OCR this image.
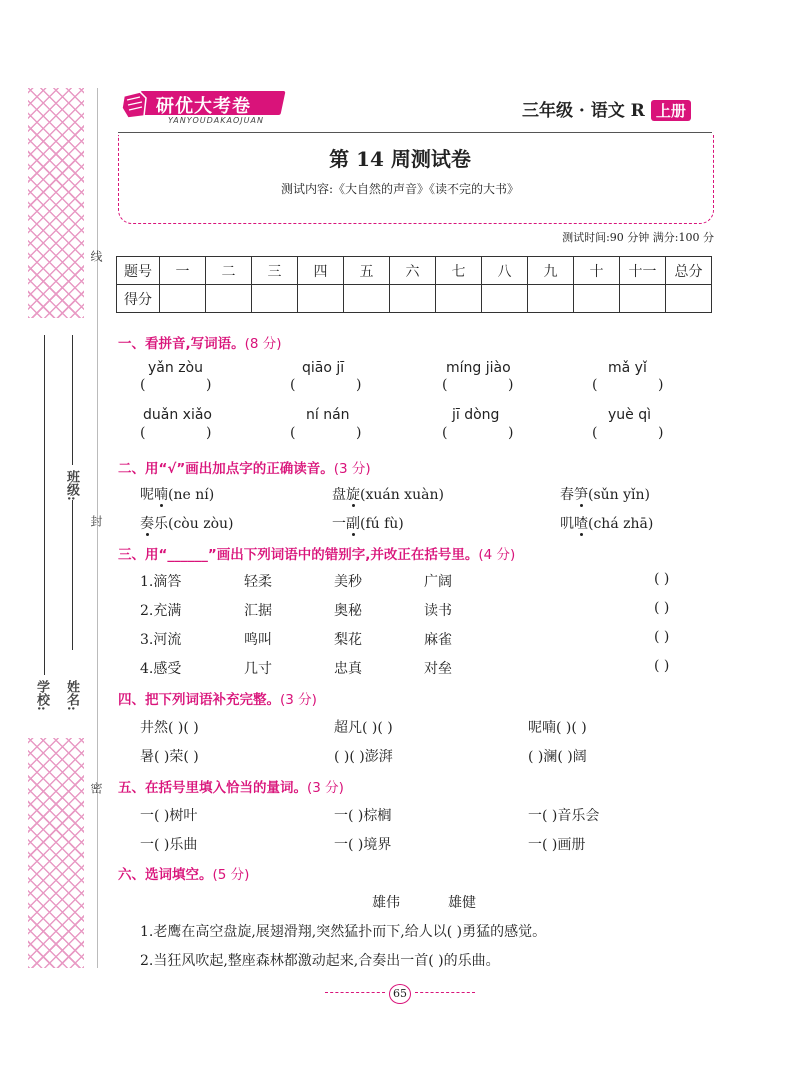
线
封
密
班级:
学校: 姓名:
研优大考卷
YANYOUDAKAOJUAN	三年级 · 语文 R 上册
第 14 周测试卷
测试内容:《大自然的声音》《读不完的大书》
测试时间:90 分钟 满分:100 分
题号	一	二	三	四	五	六	七	八	九	十	十一	总分
得分												
一、看拼音,写词语。(8 分)
yǎn zòu	qiāo jī	míng jiào	mǎ yǐ
(	)	(	)	(	)	(	)
duǎn xiǎo	ní nán	jī dòng	yuè qì
(	)	(	)	(	)	(	)
二、用“√”画出加点字的正确读音。(3 分)
呢喃(ne ní)	盘旋(xuán xuàn)	春笋(sǔn yǐn)
奏乐(còu zòu)	一副(fú fù)	叽喳(chá zhā)
三、用“______”画出下列词语中的错别字,并改正在括号里。(4 分)
1.滴答	轻柔	美秒	广阔	( )
2.充满	汇据	奥秘	读书	( )
3.河流	鸣叫	梨花	麻雀	( )
4.感受	几寸	忠真	对垒	( )
四、把下列词语补充完整。(3 分)
井然( )( )	超凡( )( )	呢喃( )( )
暑( )荣( )	( )( )澎湃	( )澜( )阔
五、在括号里填入恰当的量词。(3 分)
一( )树叶	一( )棕榈	一( )音乐会
一( )乐曲	一( )境界	一( )画册
六、选词填空。(5 分)
雄伟	雄健
1.老鹰在高空盘旋,展翅滑翔,突然猛扑而下,给人以( )勇猛的感觉。
2.当狂风吹起,整座森林都激动起来,合奏出一首( )的乐曲。
65
